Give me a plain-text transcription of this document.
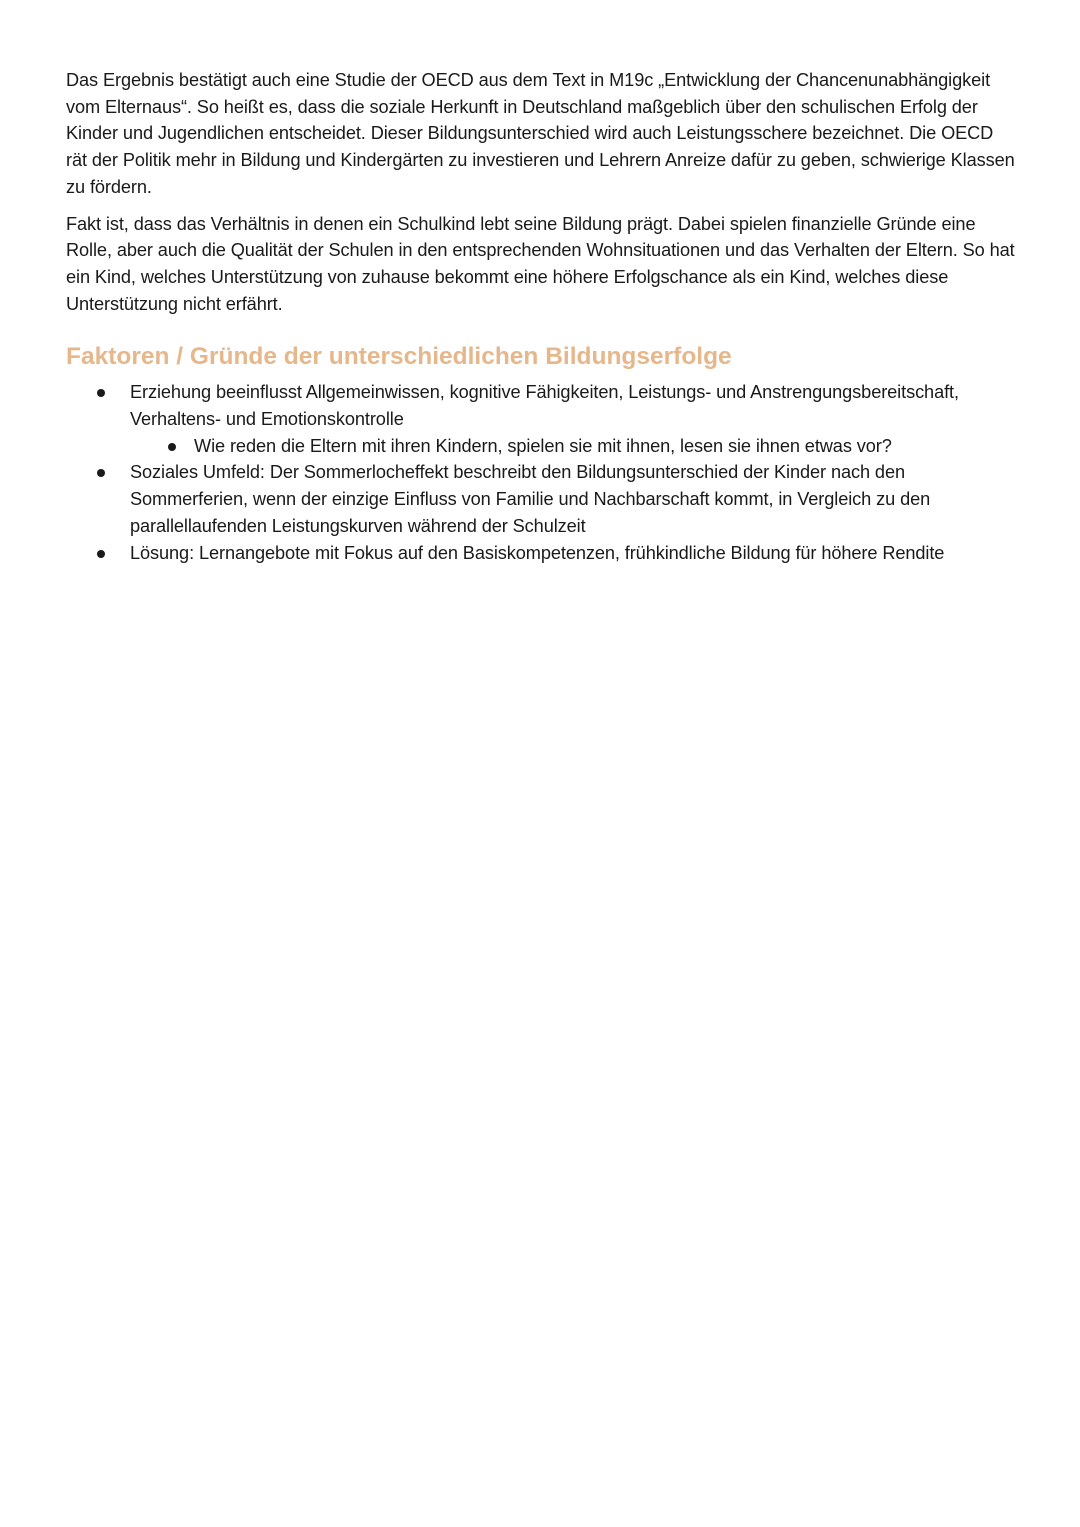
Das Ergebnis bestätigt auch eine Studie der OECD aus dem Text in M19c „Entwicklung der Chancenunabhängigkeit vom Elternaus“. So heißt es, dass die soziale Herkunft in Deutschland maßgeblich über den schulischen Erfolg der Kinder und Jugendlichen entscheidet. Dieser Bildungsunterschied wird auch Leistungsschere bezeichnet. Die OECD rät der Politik mehr in Bildung und Kindergärten zu investieren und Lehrern Anreize dafür zu geben, schwierige Klassen zu fördern.

Fakt ist, dass das Verhältnis in denen ein Schulkind lebt seine Bildung prägt. Dabei spielen finanzielle Gründe eine Rolle, aber auch die Qualität der Schulen in den entsprechenden Wohnsituationen und das Verhalten der Eltern. So hat ein Kind, welches Unterstützung von zuhause bekommt eine höhere Erfolgschance als ein Kind, welches diese Unterstützung nicht erfährt.

Faktoren / Gründe der unterschiedlichen Bildungserfolge
Erziehung beeinflusst Allgemeinwissen, kognitive Fähigkeiten, Leistungs- und Anstrengungsbereitschaft, Verhaltens- und Emotionskontrolle
Wie reden die Eltern mit ihren Kindern, spielen sie mit ihnen, lesen sie ihnen etwas vor?
Soziales Umfeld: Der Sommerlocheffekt beschreibt den Bildungsunterschied der Kinder nach den Sommerferien, wenn der einzige Einfluss von Familie und Nachbarschaft kommt, in Vergleich zu den parallellaufenden Leistungskurven während der Schulzeit
Lösung: Lernangebote mit Fokus auf den Basiskompetenzen, frühkindliche Bildung für höhere Rendite
